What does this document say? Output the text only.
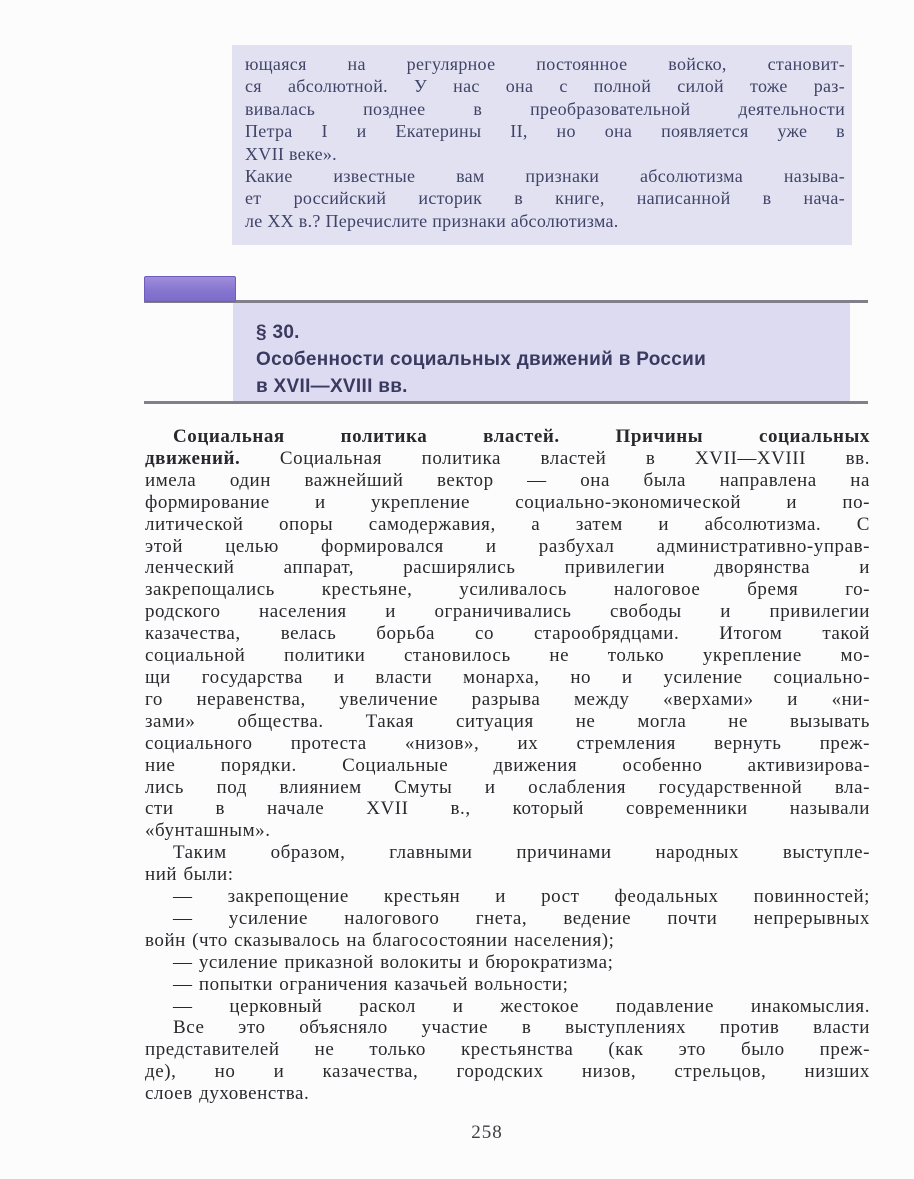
ющаяся на регулярное постоянное войско, становит-
ся абсолютной. У нас она с полной силой тоже раз-
вивалась позднее в преобразовательной деятельности
Петра I и Екатерины II, но она появляется уже в
XVII веке».
Какие известные вам признаки абсолютизма называ-
ет российский историк в книге, написанной в нача-
ле XX в.? Перечислите признаки абсолютизма.
§ 30.
Особенности социальных движений в России
в XVII—XVIII вв.
Социальная политика властей. Причины социальных
движений. Социальная политика властей в XVII—XVIII вв.
имела один важнейший вектор — она была направлена на
формирование и укрепление социально-экономической и по-
литической опоры самодержавия, а затем и абсолютизма. С
этой целью формировался и разбухал административно-управ-
ленческий аппарат, расширялись привилегии дворянства и
закрепощались крестьяне, усиливалось налоговое бремя го-
родского населения и ограничивались свободы и привилегии
казачества, велась борьба со старообрядцами. Итогом такой
социальной политики становилось не только укрепление мо-
щи государства и власти монарха, но и усиление социально-
го неравенства, увеличение разрыва между «верхами» и «ни-
зами» общества. Такая ситуация не могла не вызывать
социального протеста «низов», их стремления вернуть преж-
ние порядки. Социальные движения особенно активизирова-
лись под влиянием Смуты и ослабления государственной вла-
сти в начале XVII в., который современники называли
«бунташным».
Таким образом, главными причинами народных выступле-
ний были:
— закрепощение крестьян и рост феодальных повинностей;
— усиление налогового гнета, ведение почти непрерывных
войн (что сказывалось на благосостоянии населения);
— усиление приказной волокиты и бюрократизма;
— попытки ограничения казачьей вольности;
— церковный раскол и жестокое подавление инакомыслия.
Все это объясняло участие в выступлениях против власти
представителей не только крестьянства (как это было преж-
де), но и казачества, городских низов, стрельцов, низших
слоев духовенства.
258
